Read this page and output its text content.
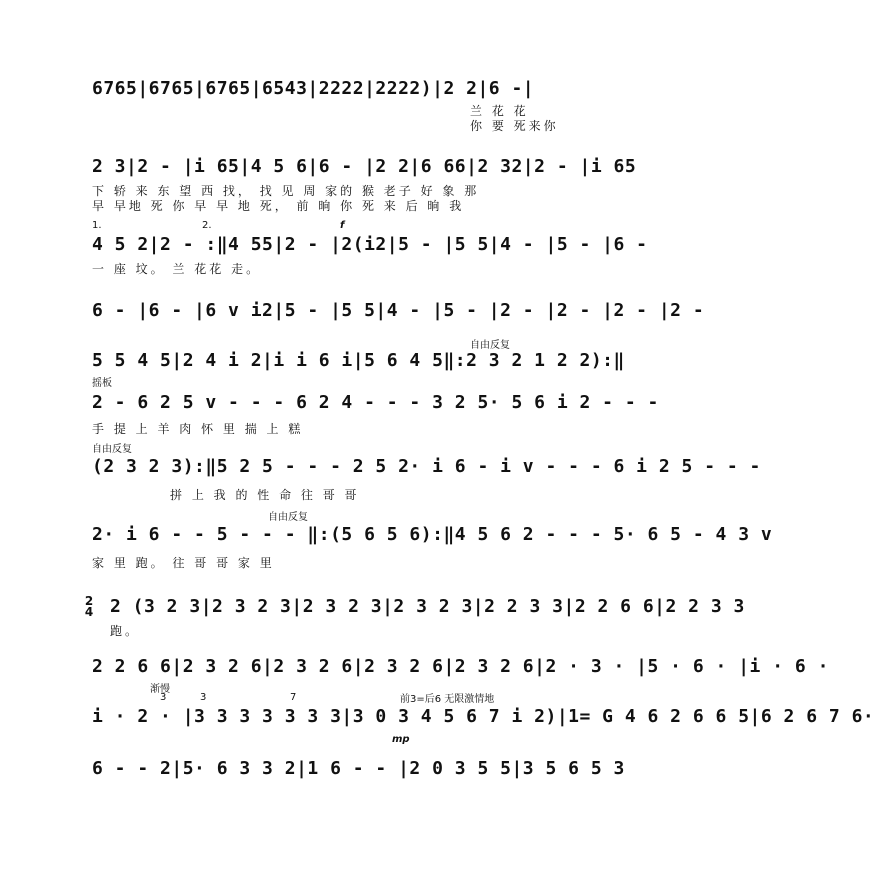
6765|6765|6765|6543|2222|2222)|2 2|6 -|
兰 花 花
你 要 死来你
2 3|2 - |i 65|4 5 6|6 - |2 2|6 66|2 32|2 - |i 65
下 轿 来 东 望 西 找， 找 见 周 家的 猴 老子 好 象 那
早 早地 死 你 早 早 地 死， 前 晌 你 死 来 后 晌 我
1.	2.	f
4 5 2|2 - :‖4 55|2 - |2(i2|5 - |5 5|4 - |5 - |6 -
一 座 坟。 兰 花花 走。
6 - |6 - |6 v i2|5 - |5 5|4 - |5 - |2 - |2 - |2 - |2 -
自由反复
5 5 4 5|2 4 i 2|i i 6 i|5 6 4 5‖:2 3 2 1 2 2):‖
摇板
2 - 6 2 5 v - - - 6 2 4 - - - 3 2 5· 5 6 i 2 - - -
手 提 上 羊 肉 怀 里 揣 上 糕
自由反复
(2 3 2 3):‖5 2 5 - - - 2 5 2· i 6 - i v - - - 6 i 2 5 - - -
拼 上 我 的 性 命 往 哥 哥
自由反复
2· i 6 - - 5 - - - ‖:(5 6 5 6):‖4 5 6 2 - - - 5· 6 5 - 4 3 v
家 里 跑。 往 哥 哥 家 里
2
4 2 (3 2 3|2 3 2 3|2 3 2 3|2 3 2 3|2 2 3 3|2 2 6 6|2 2 3 3
跑。
2 2 6 6|2 3 2 6|2 3 2 6|2 3 2 6|2 3 2 6|2 · 3 · |5 · 6 · |i · 6 ·
渐慢
3	3	7	前3=后6 无限激情地
i · 2 · |3 3 3 3 3 3 3|3 0 3 4 5 6 7 i 2)|1= G 4 6 2 6 6 5|6 2 6 7 6·
mp
6 - - 2|5· 6 3 3 2|1 6 - - |2 0 3 5 5|3 5 6 5 3
